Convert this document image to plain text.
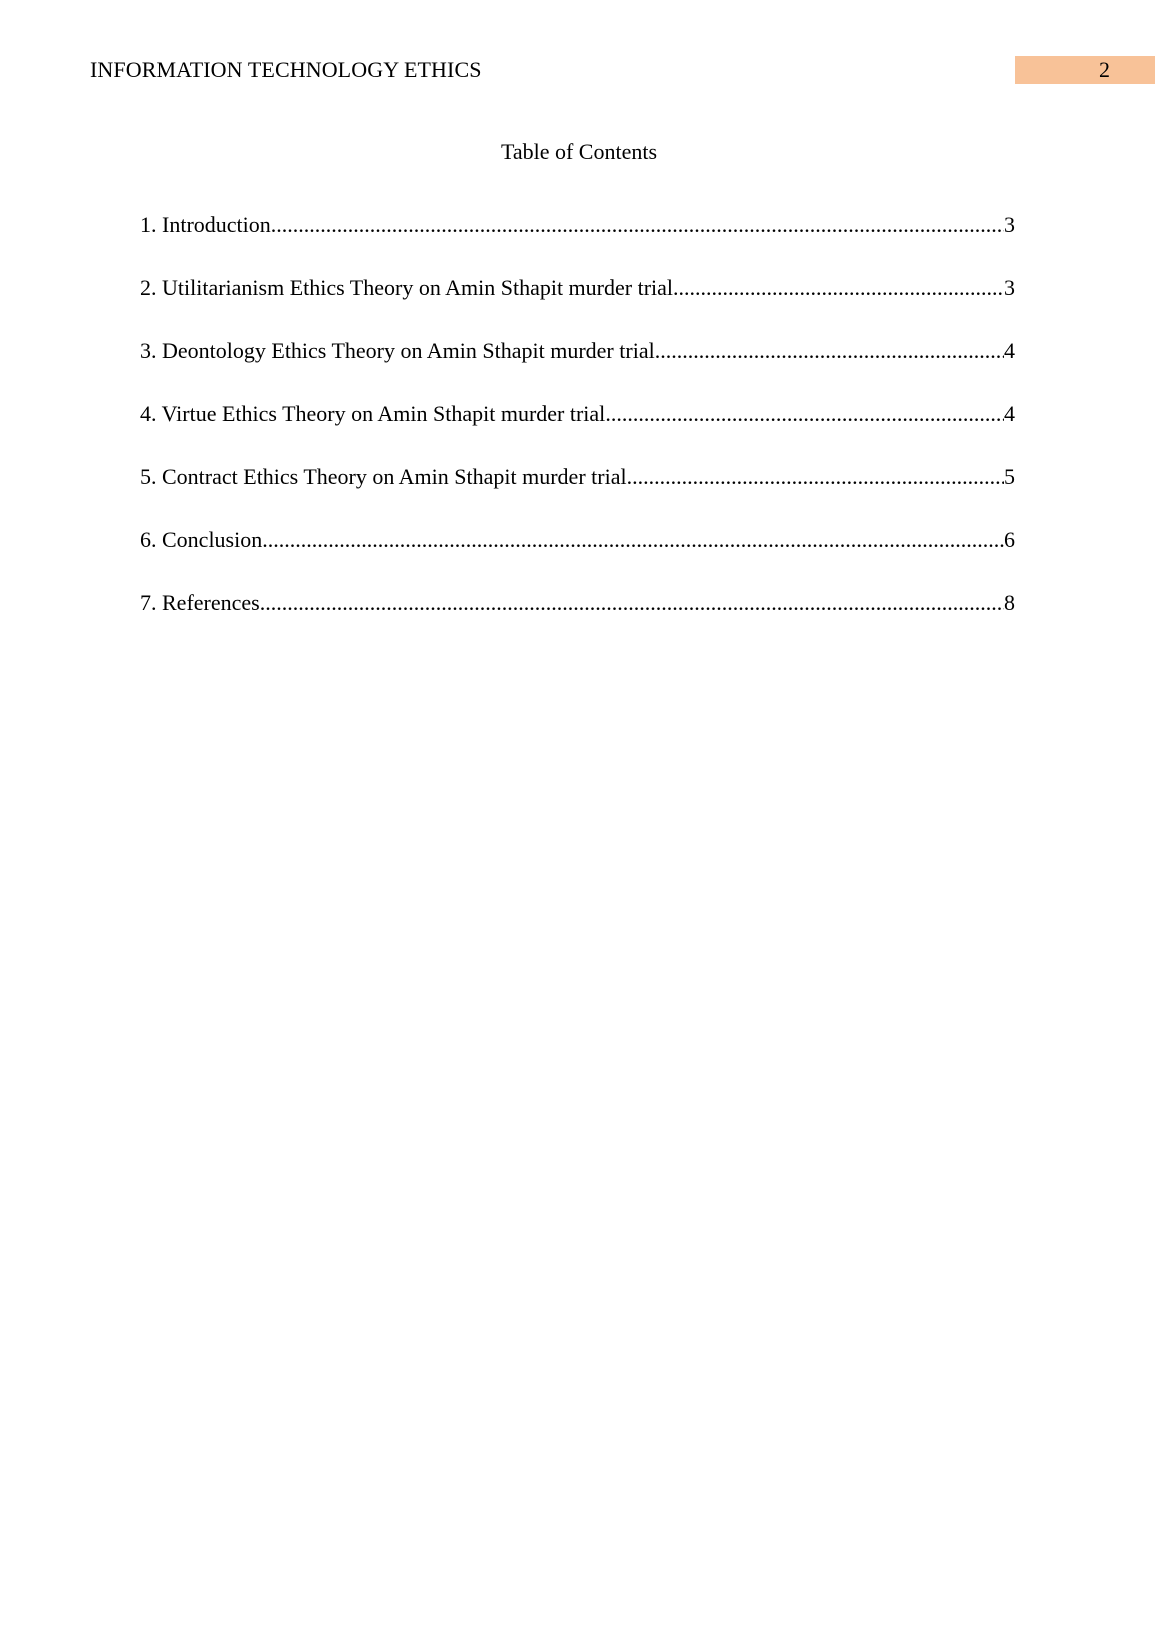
INFORMATION TECHNOLOGY ETHICS	2
Table of Contents
1. Introduction .....	3
2. Utilitarianism Ethics Theory on Amin Sthapit murder trial .....	3
3. Deontology Ethics Theory on Amin Sthapit murder trial .....	4
4. Virtue Ethics Theory on Amin Sthapit murder trial .....	4
5. Contract Ethics Theory on Amin Sthapit murder trial .....	5
6. Conclusion .....	6
7. References .....	8
